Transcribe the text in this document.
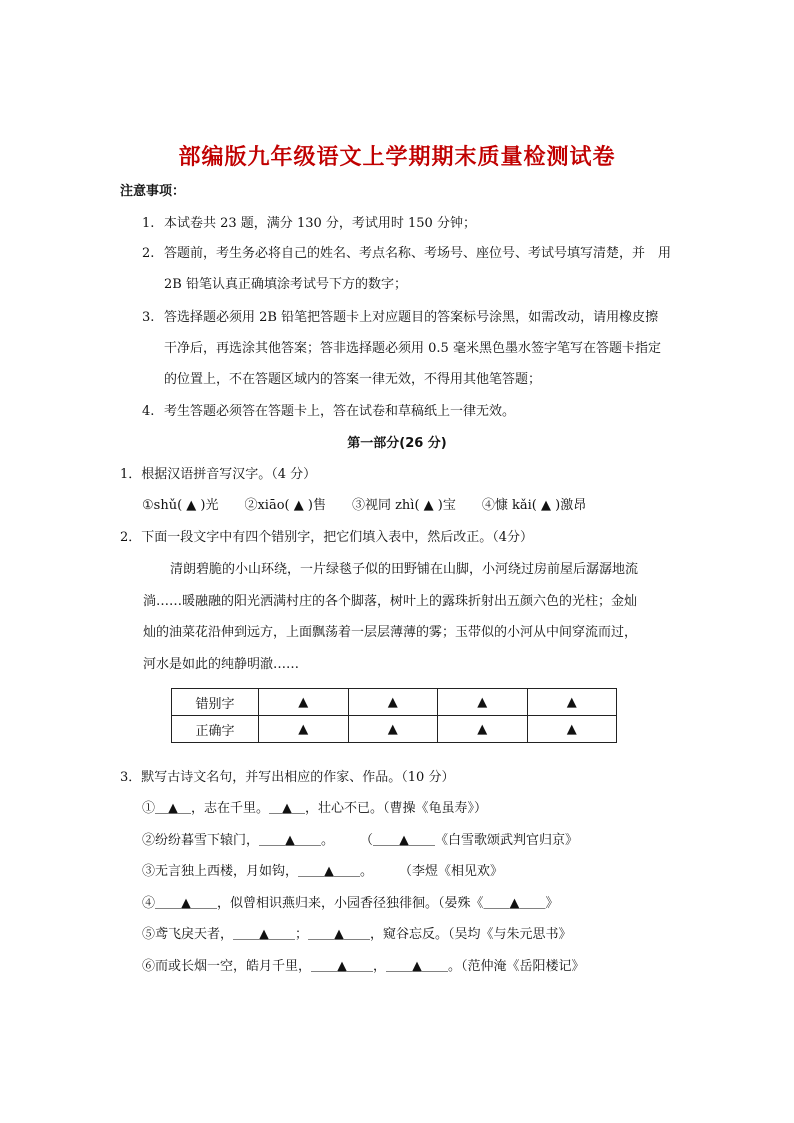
部编版九年级语文上学期期末质量检测试卷
注意事项：
1. 本试卷共 23 题，满分 130 分，考试用时 150 分钟；
2. 答题前，考生务必将自己的姓名、考点名称、考场号、座位号、考试号填写清楚，并　用
2B 铅笔认真正确填涂考试号下方的数字；
3. 答选择题必须用 2B 铅笔把答题卡上对应题目的答案标号涂黑，如需改动，请用橡皮擦
干净后，再选涂其他答案；答非选择题必须用 0.5 毫米黑色墨水签字笔写在答题卡指定
的位置上，不在答题区域内的答案一律无效，不得用其他笔答题；
4. 考生答题必须答在答题卡上，答在试卷和草稿纸上一律无效。
第一部分(26 分)
1．根据汉语拼音写汉字。（4 分）
①shǔ( ▲ )光　　②xiāo( ▲ )售　　③视同 zhì( ▲ )宝　　④慷 kǎi( ▲ )激昂
2．下面一段文字中有四个错别字，把它们填入表中，然后改正。（4分）
清朗碧脆的小山环绕，一片绿毯子似的田野铺在山脚，小河绕过房前屋后潺潺地流
淌……暖融融的阳光洒满村庄的各个脚落，树叶上的露珠折射出五颜六色的光柱；金灿
灿的油菜花沿伸到远方，上面飘荡着一层层薄薄的雾；玉带似的小河从中间穿流而过，
河水是如此的纯静明澈……
错别字	▲	▲	▲	▲
正确字	▲	▲	▲	▲
3．默写古诗文名句，并写出相应的作家、作品。（10 分）
①＿▲＿，志在千里。＿▲＿，壮心不已。（曹操《龟虽寿》）
②纷纷暮雪下辕门，＿＿▲＿＿。　　　（＿＿▲＿＿《白雪歌颂武判官归京》
③无言独上西楼，月如钩，＿＿▲＿＿。　　　（李煜《相见欢》
④＿＿▲＿＿，似曾相识燕归来，小园香径独徘徊。（晏殊《＿＿▲＿＿》
⑤鸢飞戾天者，＿＿▲＿＿；＿＿▲＿＿，窥谷忘反。（吴均《与朱元思书》
⑥而或长烟一空，皓月千里，＿＿▲＿＿，＿＿▲＿＿。（范仲淹《岳阳楼记》
